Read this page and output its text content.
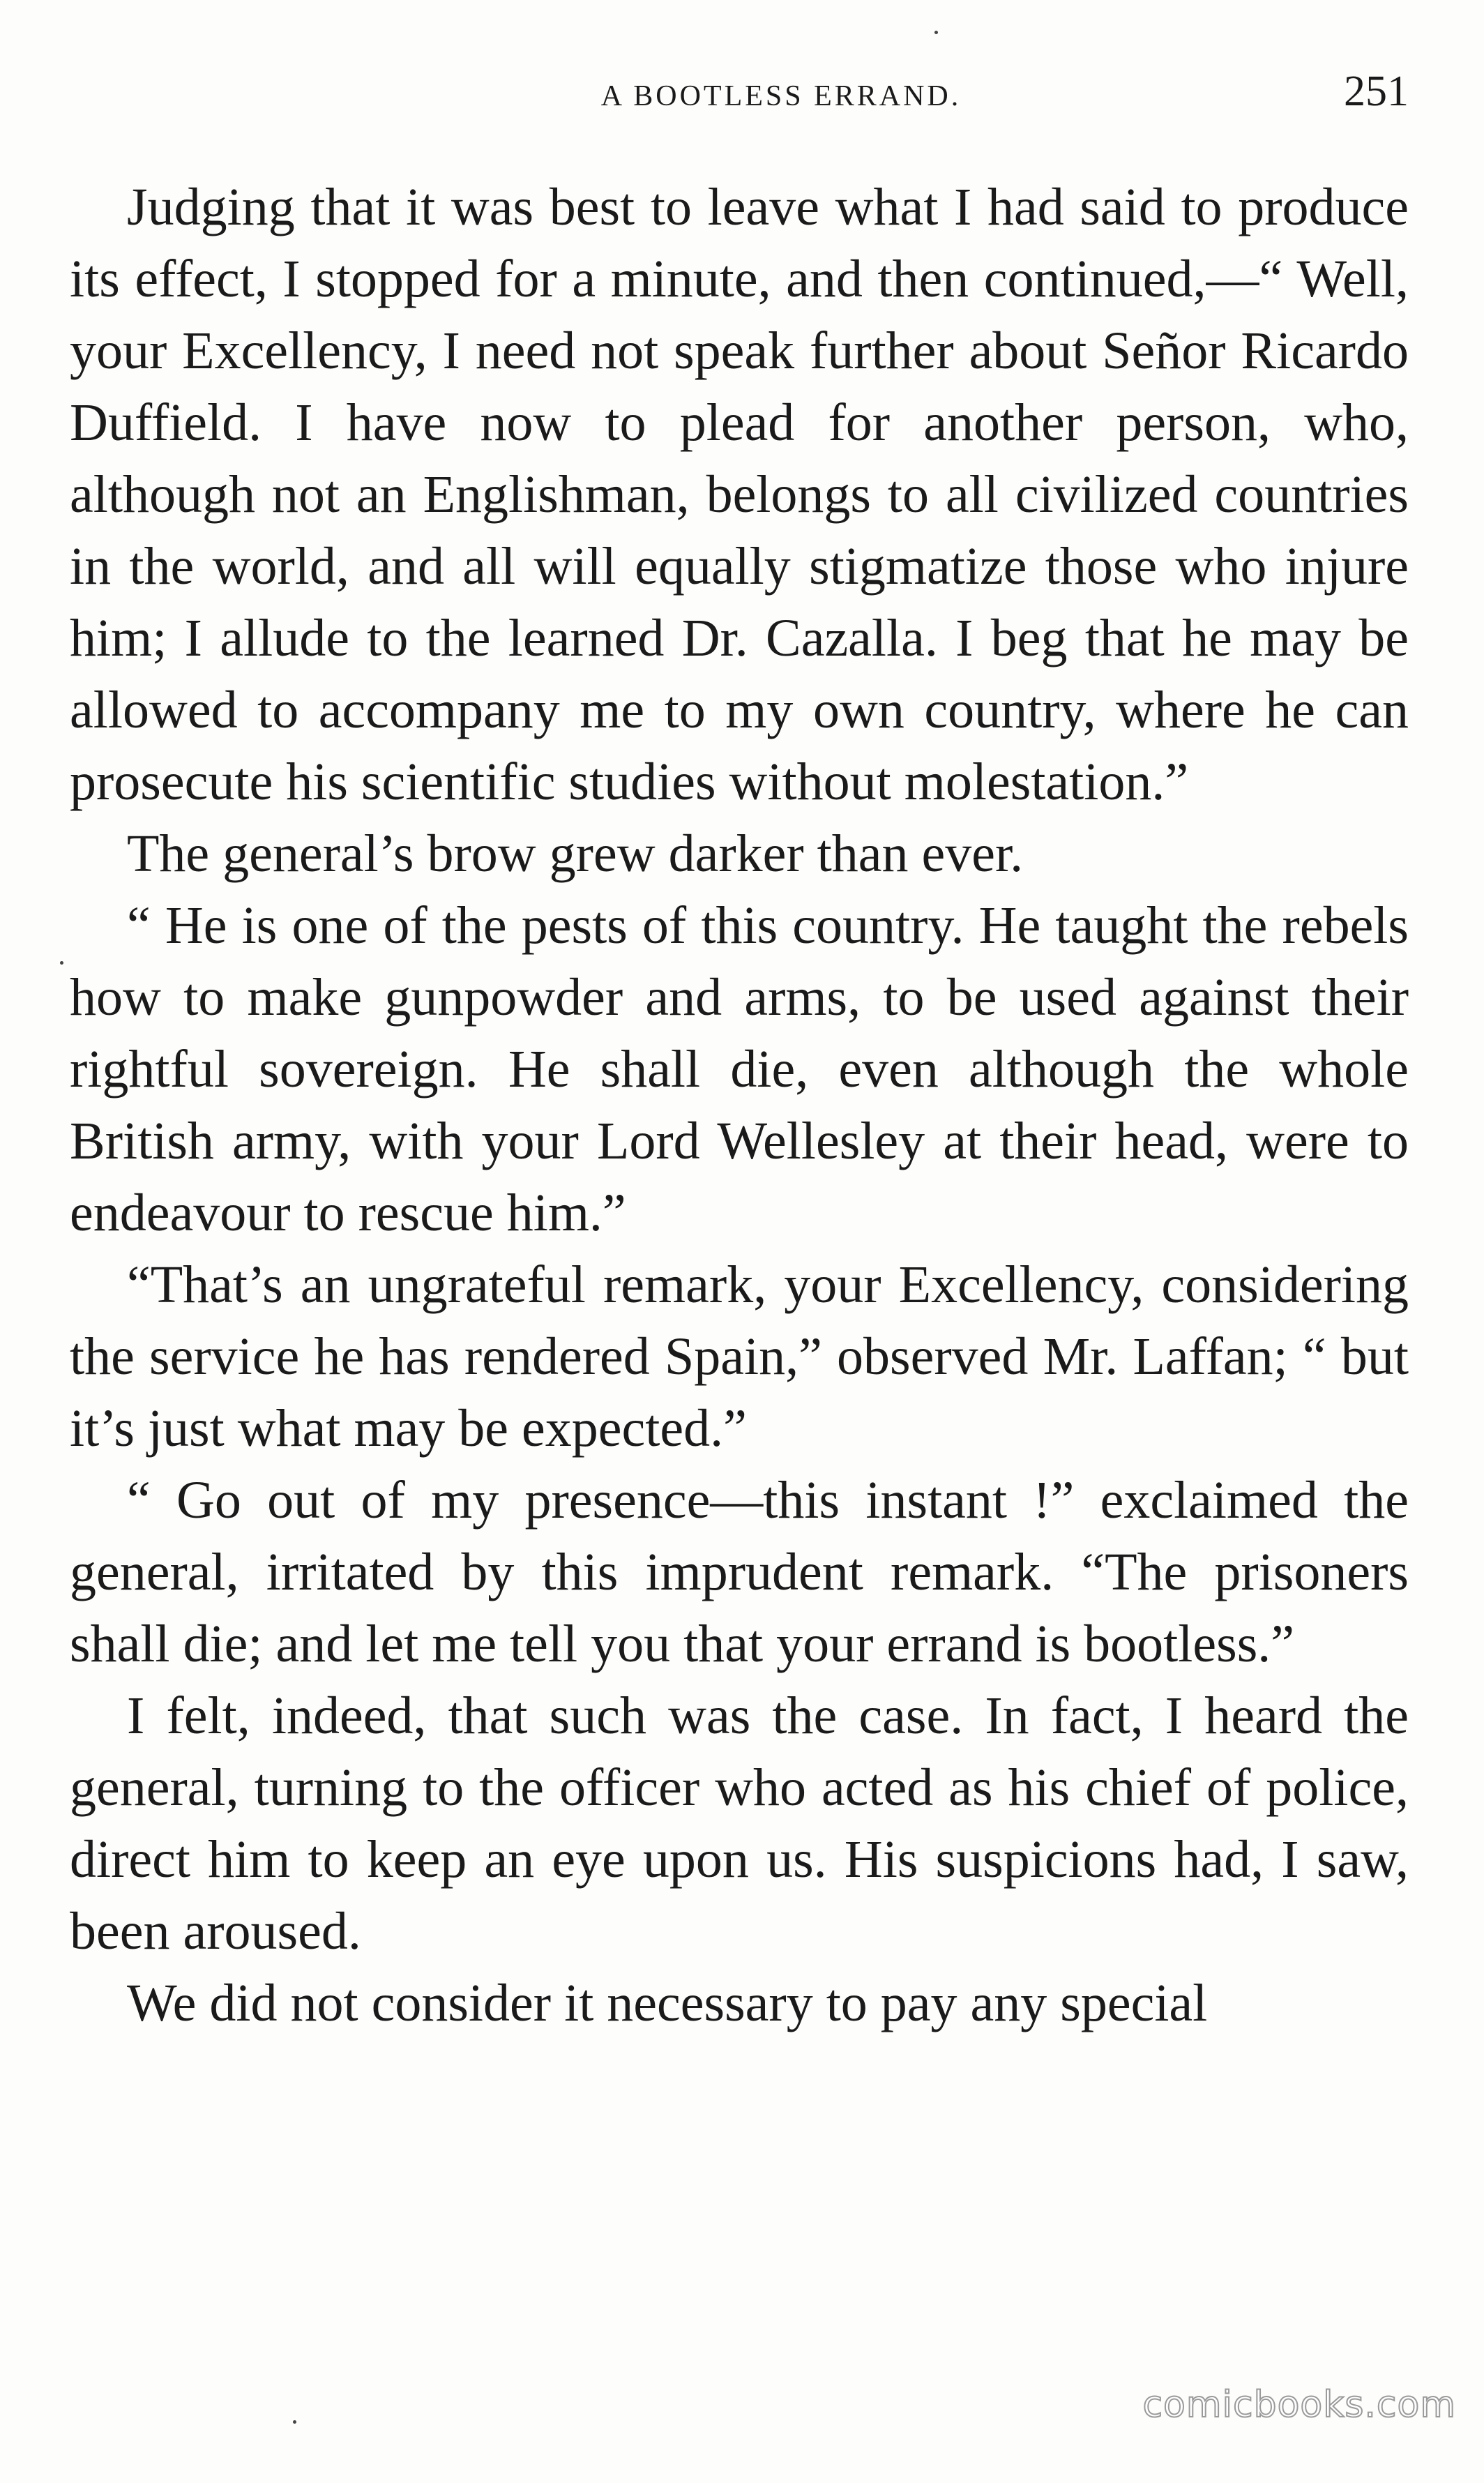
A BOOTLESS ERRAND.	251

Judging that it was best to leave what I had said to produce its effect, I stopped for a minute, and then continued,—“ Well, your Excellency, I need not speak further about Señor Ricardo Duffield. I have now to plead for another person, who, although not an Englishman, belongs to all civilized countries in the world, and all will equally stigmatize those who injure him; I allude to the learned Dr. Cazalla. I beg that he may be allowed to accompany me to my own country, where he can prosecute his scientific studies without molestation.”

The general’s brow grew darker than ever.

“ He is one of the pests of this country. He taught the rebels how to make gunpowder and arms, to be used against their rightful sovereign. He shall die, even although the whole British army, with your Lord Wellesley at their head, were to endeavour to rescue him.”

“That’s an ungrateful remark, your Excellency, considering the service he has rendered Spain,” observed Mr. Laffan; “ but it’s just what may be expected.”

“ Go out of my presence—this instant !” exclaimed the general, irritated by this imprudent remark. “The prisoners shall die; and let me tell you that your errand is bootless.”

I felt, indeed, that such was the case. In fact, I heard the general, turning to the officer who acted as his chief of police, direct him to keep an eye upon us. His suspicions had, I saw, been aroused.

We did not consider it necessary to pay any special

comicbooks.com
